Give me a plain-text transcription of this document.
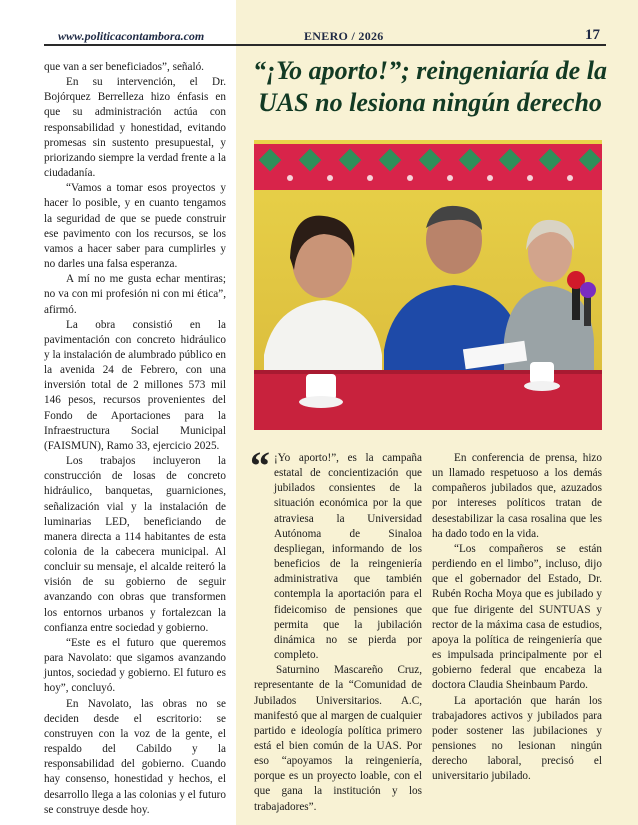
www.politicacontambora.com	ENERO / 2026	17

que van a ser beneficiados”, señaló.

En su intervención, el Dr. Bojórquez Berrelleza hizo énfasis en que su administración actúa con responsabilidad y honestidad, evitando promesas sin sustento presupuestal, y priorizando siempre la verdad frente a la ciudadanía.

“Vamos a tomar esos proyectos y hacer lo posible, y en cuanto tengamos la seguridad de que se puede construir ese pavimento con los recursos, se los vamos a hacer saber para cumplirles y no darles una falsa esperanza.

A mí no me gusta echar mentiras; no va con mi profesión ni con mi ética”, afirmó.

La obra consistió en la pavimentación con concreto hidráulico y la instalación de alumbrado público en la avenida 24 de Febrero, con una inversión total de 2 millones 573 mil 146 pesos, recursos provenientes del Fondo de Aportaciones para la Infraestructura Social Municipal (FAISMUN), Ramo 33, ejercicio 2025.

Los trabajos incluyeron la construcción de losas de concreto hidráulico, banquetas, guarniciones, señalización vial y la instalación de luminarias LED, beneficiando de manera directa a 114 habitantes de esta colonia de la cabecera municipal. Al concluir su mensaje, el alcalde reiteró la visión de su gobierno de seguir avanzando con obras que transformen los entornos urbanos y fortalezcan la confianza entre sociedad y gobierno.

“Este es el futuro que queremos para Navolato: que sigamos avanzando juntos, sociedad y gobierno. El futuro es hoy”, concluyó.

En Navolato, las obras no se deciden desde el escritorio: se construyen con la voz de la gente, el respaldo del Cabildo y la responsabilidad del gobierno. Cuando hay consenso, honestidad y hechos, el desarrollo llega a las colonias y el futuro se construye desde hoy.

“¡Yo aporto!”; reingeniaría de la UAS no lesiona ningún derecho
“ ¡Yo aporto!”, es la campaña estatal de concientización que jubilados consientes de la situación económica por la que atraviesa la Universidad Autónoma de Sinaloa despliegan, informando de los beneficios de la reingeniería administrativa que también contempla la aportación para el fideicomiso de pensiones que permita que la jubilación dinámica no se pierda por completo.

Saturnino Mascareño Cruz, representante de la “Comunidad de Jubilados Universitarios. A.C, manifestó que al margen de cualquier partido e ideología política primero está el bien común de la UAS. Por eso “apoyamos la reingeniería, porque es un proyecto loable, con el que gana la institución y los trabajadores”.

En conferencia de prensa, hizo un llamado respetuoso a los demás compañeros jubilados que, azuzados por intereses políticos tratan de desestabilizar la casa rosalina que les ha dado todo en la vida.

“Los compañeros se están perdiendo en el limbo”, incluso, dijo que el gobernador del Estado, Dr. Rubén Rocha Moya que es jubilado y que fue dirigente del SUNTUAS y rector de la máxima casa de estudios, apoya la política de reingeniería que es impulsada principalmente por el gobierno federal que encabeza la doctora Claudia Sheinbaum Pardo.

La aportación que harán los trabajadores activos y jubilados para poder sostener las jubilaciones y pensiones no lesionan ningún derecho laboral, precisó el universitario jubilado.
